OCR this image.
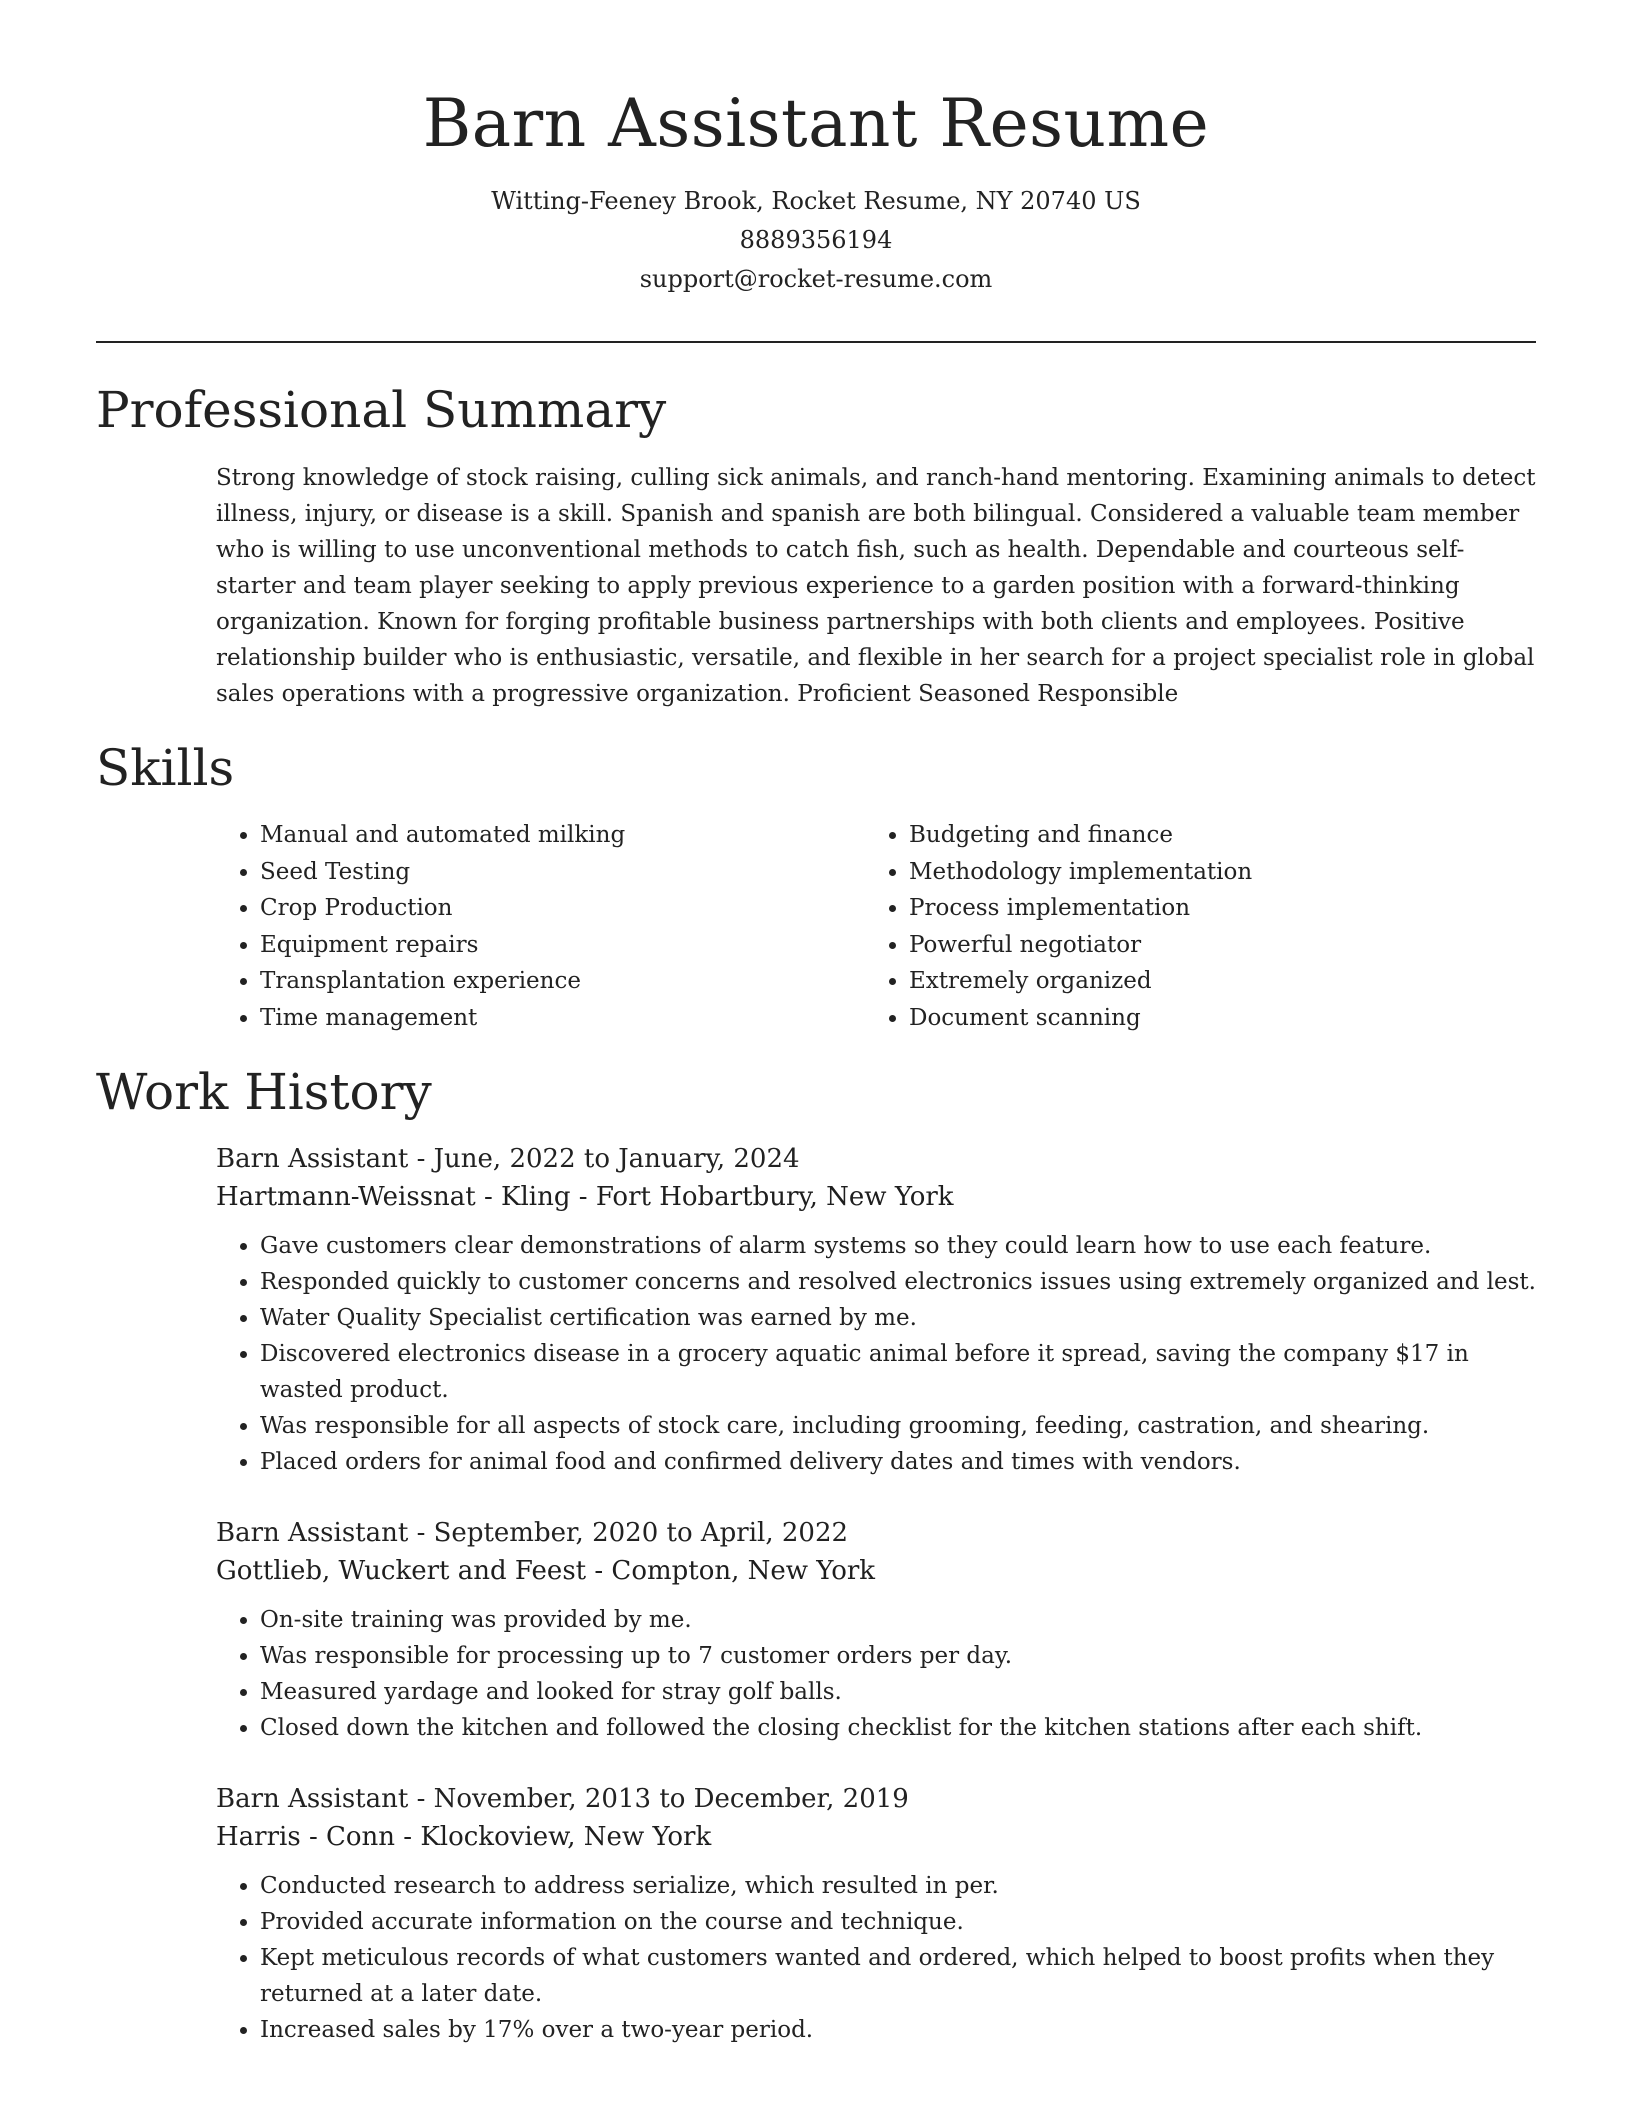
Barn Assistant Resume
Witting-Feeney Brook, Rocket Resume, NY 20740 US
8889356194
support@rocket-resume.com
Professional Summary

Strong knowledge of stock raising, culling sick animals, and ranch-hand mentoring. Examining animals to detect illness, injury, or disease is a skill. Spanish and spanish are both bilingual. Considered a valuable team member who is willing to use unconventional methods to catch fish, such as health. Dependable and courteous self-starter and team player seeking to apply previous experience to a garden position with a forward-thinking organization. Known for forging profitable business partnerships with both clients and employees. Positive relationship builder who is enthusiastic, versatile, and flexible in her search for a project specialist role in global sales operations with a progressive organization. Proficient Seasoned Responsible

Skills
• Manual and automated milking
• Seed Testing
• Crop Production
• Equipment repairs
• Transplantation experience
• Time management
• Budgeting and finance
• Methodology implementation
• Process implementation
• Powerful negotiator
• Extremely organized
• Document scanning
Work History
Barn Assistant - June, 2022 to January, 2024
Hartmann-Weissnat - Kling - Fort Hobartbury, New York
• Gave customers clear demonstrations of alarm systems so they could learn how to use each feature.
• Responded quickly to customer concerns and resolved electronics issues using extremely organized and lest.
• Water Quality Specialist certification was earned by me.
• Discovered electronics disease in a grocery aquatic animal before it spread, saving the company $17 in wasted product.
• Was responsible for all aspects of stock care, including grooming, feeding, castration, and shearing.
• Placed orders for animal food and confirmed delivery dates and times with vendors.
Barn Assistant - September, 2020 to April, 2022
Gottlieb, Wuckert and Feest - Compton, New York
• On-site training was provided by me.
• Was responsible for processing up to 7 customer orders per day.
• Measured yardage and looked for stray golf balls.
• Closed down the kitchen and followed the closing checklist for the kitchen stations after each shift.
Barn Assistant - November, 2013 to December, 2019
Harris - Conn - Klockoview, New York
• Conducted research to address serialize, which resulted in per.
• Provided accurate information on the course and technique.
• Kept meticulous records of what customers wanted and ordered, which helped to boost profits when they returned at a later date.
• Increased sales by 17% over a two-year period.
